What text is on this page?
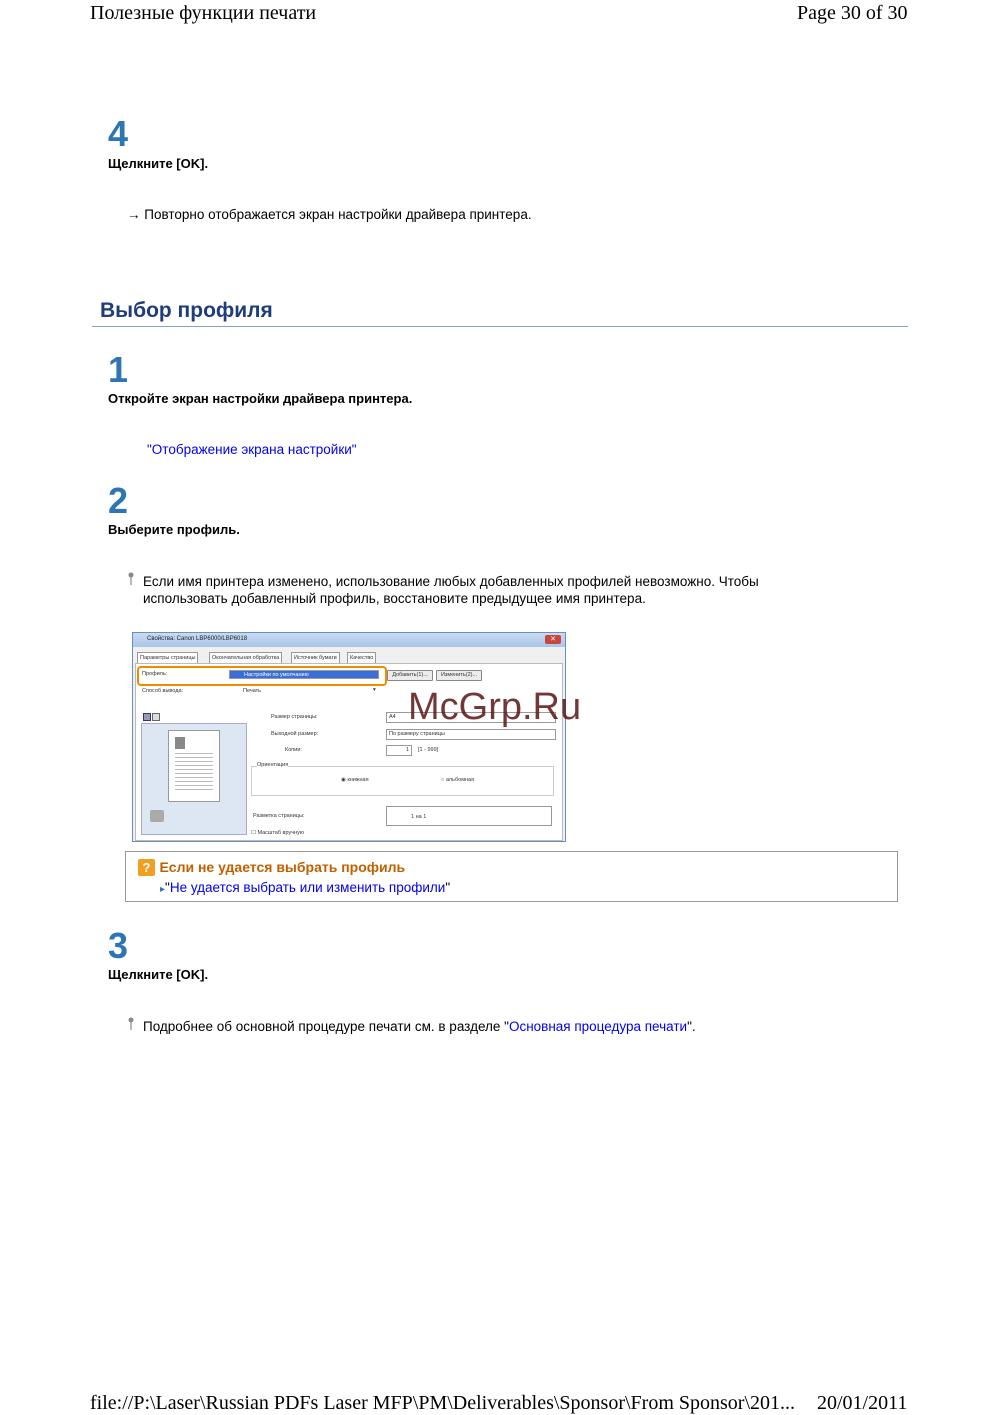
Полезные функции печати	Page 30 of 30
4
Щелкните [OK].
→ Повторно отображается экран настройки драйвера принтера.
Выбор профиля
1
Откройте экран настройки драйвера принтера.
"Отображение экрана настройки"
2
Выберите профиль.
Если имя принтера изменено, использование любых добавленных профилей невозможно. Чтобы
использовать добавленный профиль, восстановите предыдущее имя принтера.
Свойства: Canon LBP6000/LBP6018	✕
Параметры страницы	Окончательная обработка	Источник бумаги	Качество
Профиль:	Настройки по умолчанию	Добавить(1)...	Изменить(2)...
Способ вывода:	Печать	▾
Размер страницы:	A4
Выходной размер:	По размеру страницы
Копии:	1	[1 - 999]
Ориентация
◉ книжная	○ альбомная
Разметка страницы:	1 на 1
☐ Масштаб вручную
McGrp.Ru
? Если не удается выбрать профиль
▸"Не удается выбрать или изменить профили"
3
Щелкните [OK].
Подробнее об основной процедуре печати см. в разделе "Основная процедура печати".
file://P:\Laser\Russian PDFs Laser MFP\PM\Deliverables\Sponsor\From Sponsor\201... 20/01/2011
